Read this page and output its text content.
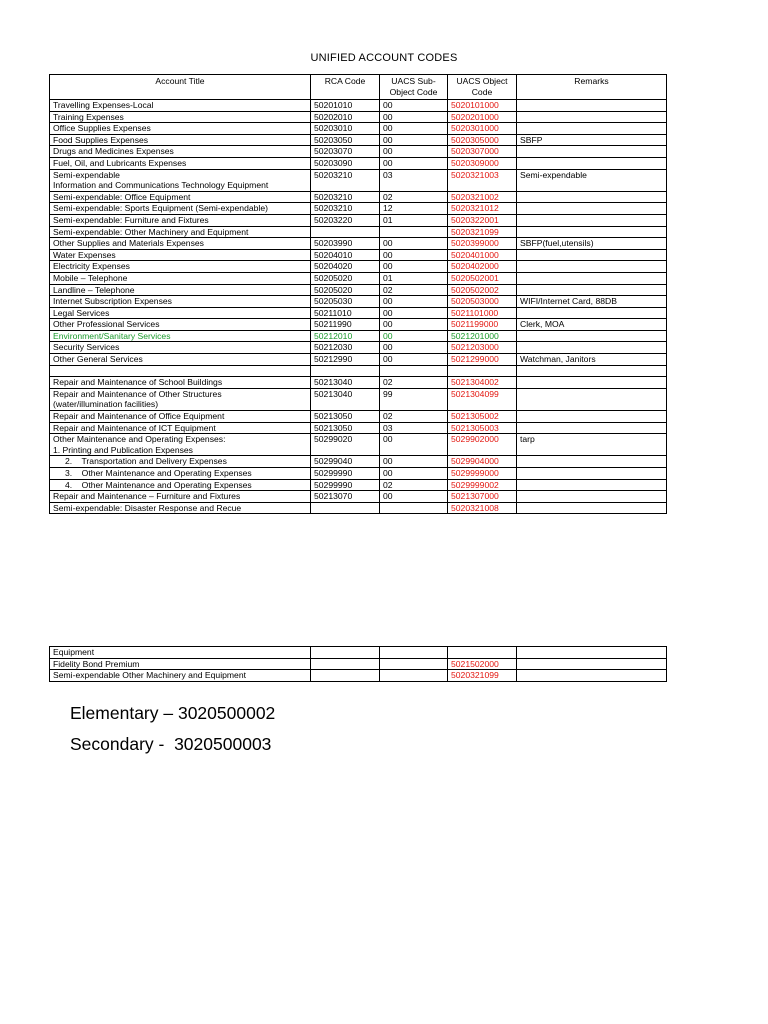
UNIFIED ACCOUNT CODES
Account Title	RCA Code	UACS Sub-Object Code	UACS Object Code	Remarks
Travelling Expenses-Local	50201010	00	5020101000	
Training Expenses	50202010	00	5020201000	
Office Supplies Expenses	50203010	00	5020301000	
Food Supplies Expenses	50203050	00	5020305000	SBFP
Drugs and Medicines Expenses	50203070	00	5020307000	
Fuel, Oil, and Lubricants Expenses	50203090	00	5020309000	
Semi-expendable
Information and Communications Technology Equipment	50203210	03	5020321003	Semi-expendable
Semi-expendable: Office Equipment	50203210	02	5020321002	
Semi-expendable: Sports Equipment (Semi-expendable)	50203210	12	5020321012	
Semi-expendable: Furniture and Fixtures	50203220	01	5020322001	
Semi-expendable: Other Machinery and Equipment			5020321099	
Other Supplies and Materials Expenses	50203990	00	5020399000	SBFP(fuel,utensils)
Water Expenses	50204010	00	5020401000	
Electricity Expenses	50204020	00	5020402000	
Mobile – Telephone	50205020	01	5020502001	
Landline – Telephone	50205020	02	5020502002	
Internet Subscription Expenses	50205030	00	5020503000	WIFI/Internet Card, 88DB
Legal Services	50211010	00	5021101000	
Other Professional Services	50211990	00	5021199000	Clerk, MOA
Environment/Sanitary Services	50212010	00	5021201000	
Security Services	50212030	00	5021203000	
Other General Services	50212990	00	5021299000	Watchman, Janitors

Repair and Maintenance of School Buildings	50213040	02	5021304002	
Repair and Maintenance of Other Structures
(water/illumination facilities)	50213040	99	5021304099	
Repair and Maintenance of Office Equipment	50213050	02	5021305002	
Repair and Maintenance of ICT Equipment	50213050	03	5021305003	
Other Maintenance and Operating Expenses:
1. Printing and Publication Expenses	50299020	00	5029902000	tarp
2.    Transportation and Delivery Expenses	50299040	00	5029904000	
3.    Other Maintenance and Operating Expenses	50299990	00	5029999000	
4.    Other Maintenance and Operating Expenses	50299990	02	5029999002	
Repair and Maintenance – Furniture and Fixtures	50213070	00	5021307000	
Semi-expendable: Disaster Response and Recue			5020321008	
Equipment				
Fidelity Bond Premium			5021502000	
Semi-expendable Other Machinery and Equipment			5020321099	
Elementary – 3020500002
Secondary -  3020500003
